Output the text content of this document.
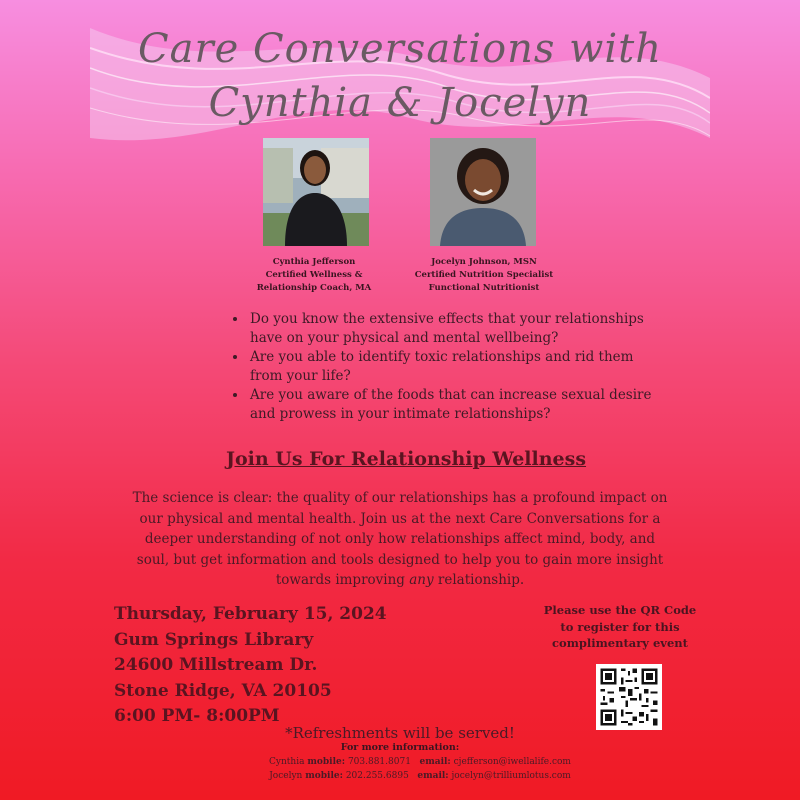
Care Conversations with
Cynthia & Jocelyn
Cynthia Jefferson
Certified Wellness &
Relationship Coach, MA
Jocelyn Johnson, MSN
Certified Nutrition Specialist
Functional Nutritionist
• Do you know the extensive effects that your relationships have on your physical and mental wellbeing?
• Are you able to identify toxic relationships and rid them from your life?
• Are you aware of the foods that can increase sexual desire and prowess in your intimate relationships?
Join Us For Relationship Wellness
The science is clear: the quality of our relationships has a profound impact on our physical and mental health. Join us at the next Care Conversations for a deeper understanding of not only how relationships affect mind, body, and soul, but get information and tools designed to help you to gain more insight towards improving any relationship.
Thursday, February 15, 2024
Gum Springs Library
24600 Millstream Dr.
Stone Ridge, VA 20105
6:00 PM- 8:00PM
Please use the QR Code
to register for this
complimentary event
*Refreshments will be served!
For more information:
Cynthia mobile: 703.881.8071 email: cjefferson@iwellalife.com
Jocelyn mobile: 202.255.6895 email: jocelyn@trilliumlotus.com
